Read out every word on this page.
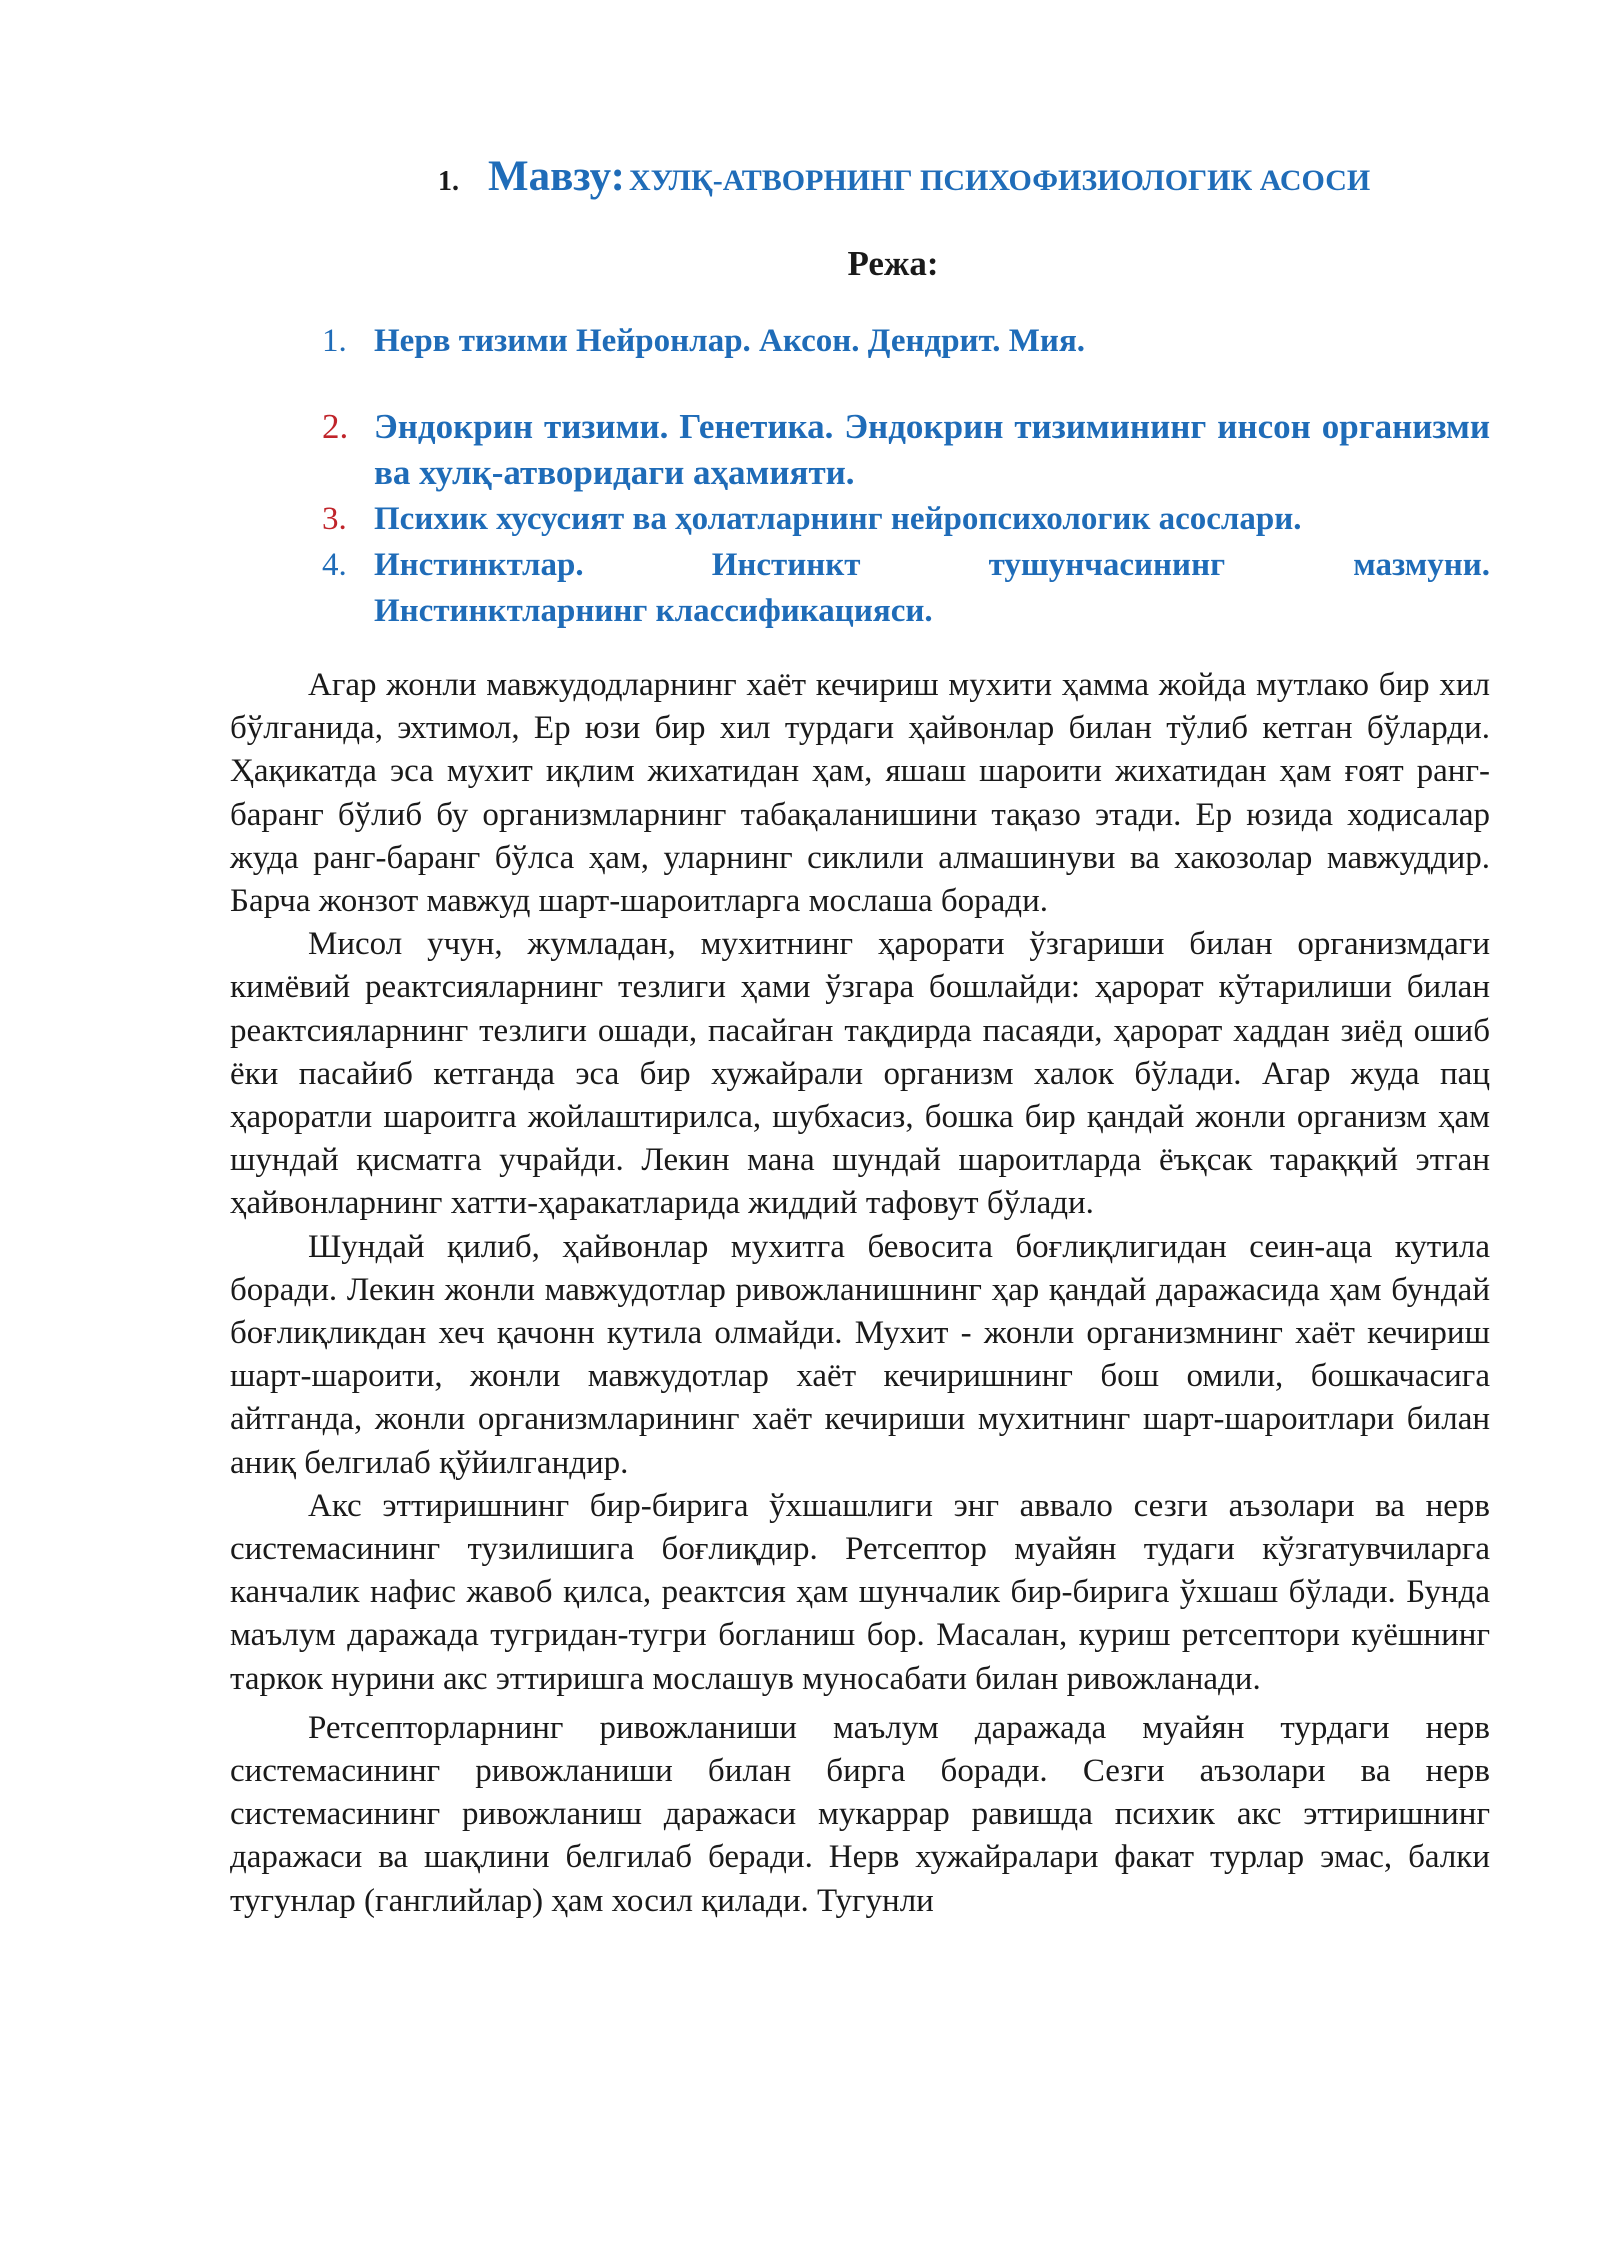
1. Мавзу: ХУЛҚ-АТВОРНИНГ ПСИХОФИЗИОЛОГИК АСОСИ
Режа:
1. Нерв тизими Нейронлар. Аксон. Дендрит. Мия.
2. Эндокрин тизими. Генетика. Эндокрин тизимининг инсон организми ва хулқ-атворидаги аҳамияти.
3. Психик хусусият ва ҳолатларнинг нейропсихологик асослари.
4. Инстинктлар. Инстинкт тушунчасининг мазмуни.
Инстинктларнинг классификацияси.

Агар жонли мавжудодларнинг хаёт кечириш мухити ҳамма жойда мутлако бир хил бўлганида, эхтимол, Ер юзи бир хил турдаги ҳайвонлар билан тўлиб кетган бўларди. Ҳақикатда эса мухит иқлим жихатидан ҳам, яшаш шароити жихатидан ҳам ғоят ранг-баранг бўлиб бу организмларнинг табақаланишини тақазо этади. Ер юзида ходисалар жуда ранг-баранг бўлса ҳам, уларнинг сиклили алмашинуви ва хакозолар мавжуддир. Барча жонзот мавжуд шарт-шароитларга мослаша боради.

Мисол учун, жумладан, мухитнинг ҳарорати ўзгариши билан организмдаги кимёвий реактсияларнинг тезлиги ҳами ўзгара бошлайди: ҳарорат кўтарилиши билан реактсияларнинг тезлиги ошади, пасайган тақдирда пасаяди, ҳарорат хаддан зиёд ошиб ёки пасайиб кетганда эса бир хужайрали организм халок бўлади. Агар жуда пац ҳароратли шароитга жойлаштирилса, шубхасиз, бошка бир қандай жонли организм ҳам шундай қисматга учрайди. Лекин мана шундай шароитларда ёъқсак тараққий этган ҳайвонларнинг хатти-ҳаракатларида жиддий тафовут бўлади.

Шундай қилиб, ҳайвонлар мухитга бевосита боғлиқлигидан сеин-аца кутила боради. Лекин жонли мавжудотлар ривожланишнинг ҳар қандай даражасида ҳам бундай боғлиқликдан хеч қачонн кутила олмайди. Мухит - жонли организмнинг хаёт кечириш шарт-шароити, жонли мавжудотлар хаёт кечиришнинг бош омили, бошкачасига айтганда, жонли организмларининг хаёт кечириши мухитнинг шарт-шароитлари билан аниқ белгилаб қўйилгандир.

Акс эттиришнинг бир-бирига ўхшашлиги энг аввало сезги аъзолари ва нерв системасининг тузилишига боғлиқдир. Ретсептор муайян тудаги кўзгатувчиларга канчалик нафис жавоб қилса, реактсия ҳам шунчалик бир-бирига ўхшаш бўлади. Бунда маълум даражада тугридан-тугри богланиш бор. Масалан, куриш ретсептори куёшнинг таркок нурини акс эттиришга мослашув муносабати билан ривожланади.

Ретсепторларнинг ривожланиши маълум даражада муайян турдаги нерв системасининг ривожланиши билан бирга боради. Сезги аъзолари ва нерв системасининг ривожланиш даражаси мукаррар равишда психик акс эттиришнинг даражаси ва шақлини белгилаб беради. Нерв хужайралари факат турлар эмас, балки тугунлар (ганглийлар) ҳам хосил қилади. Тугунли
